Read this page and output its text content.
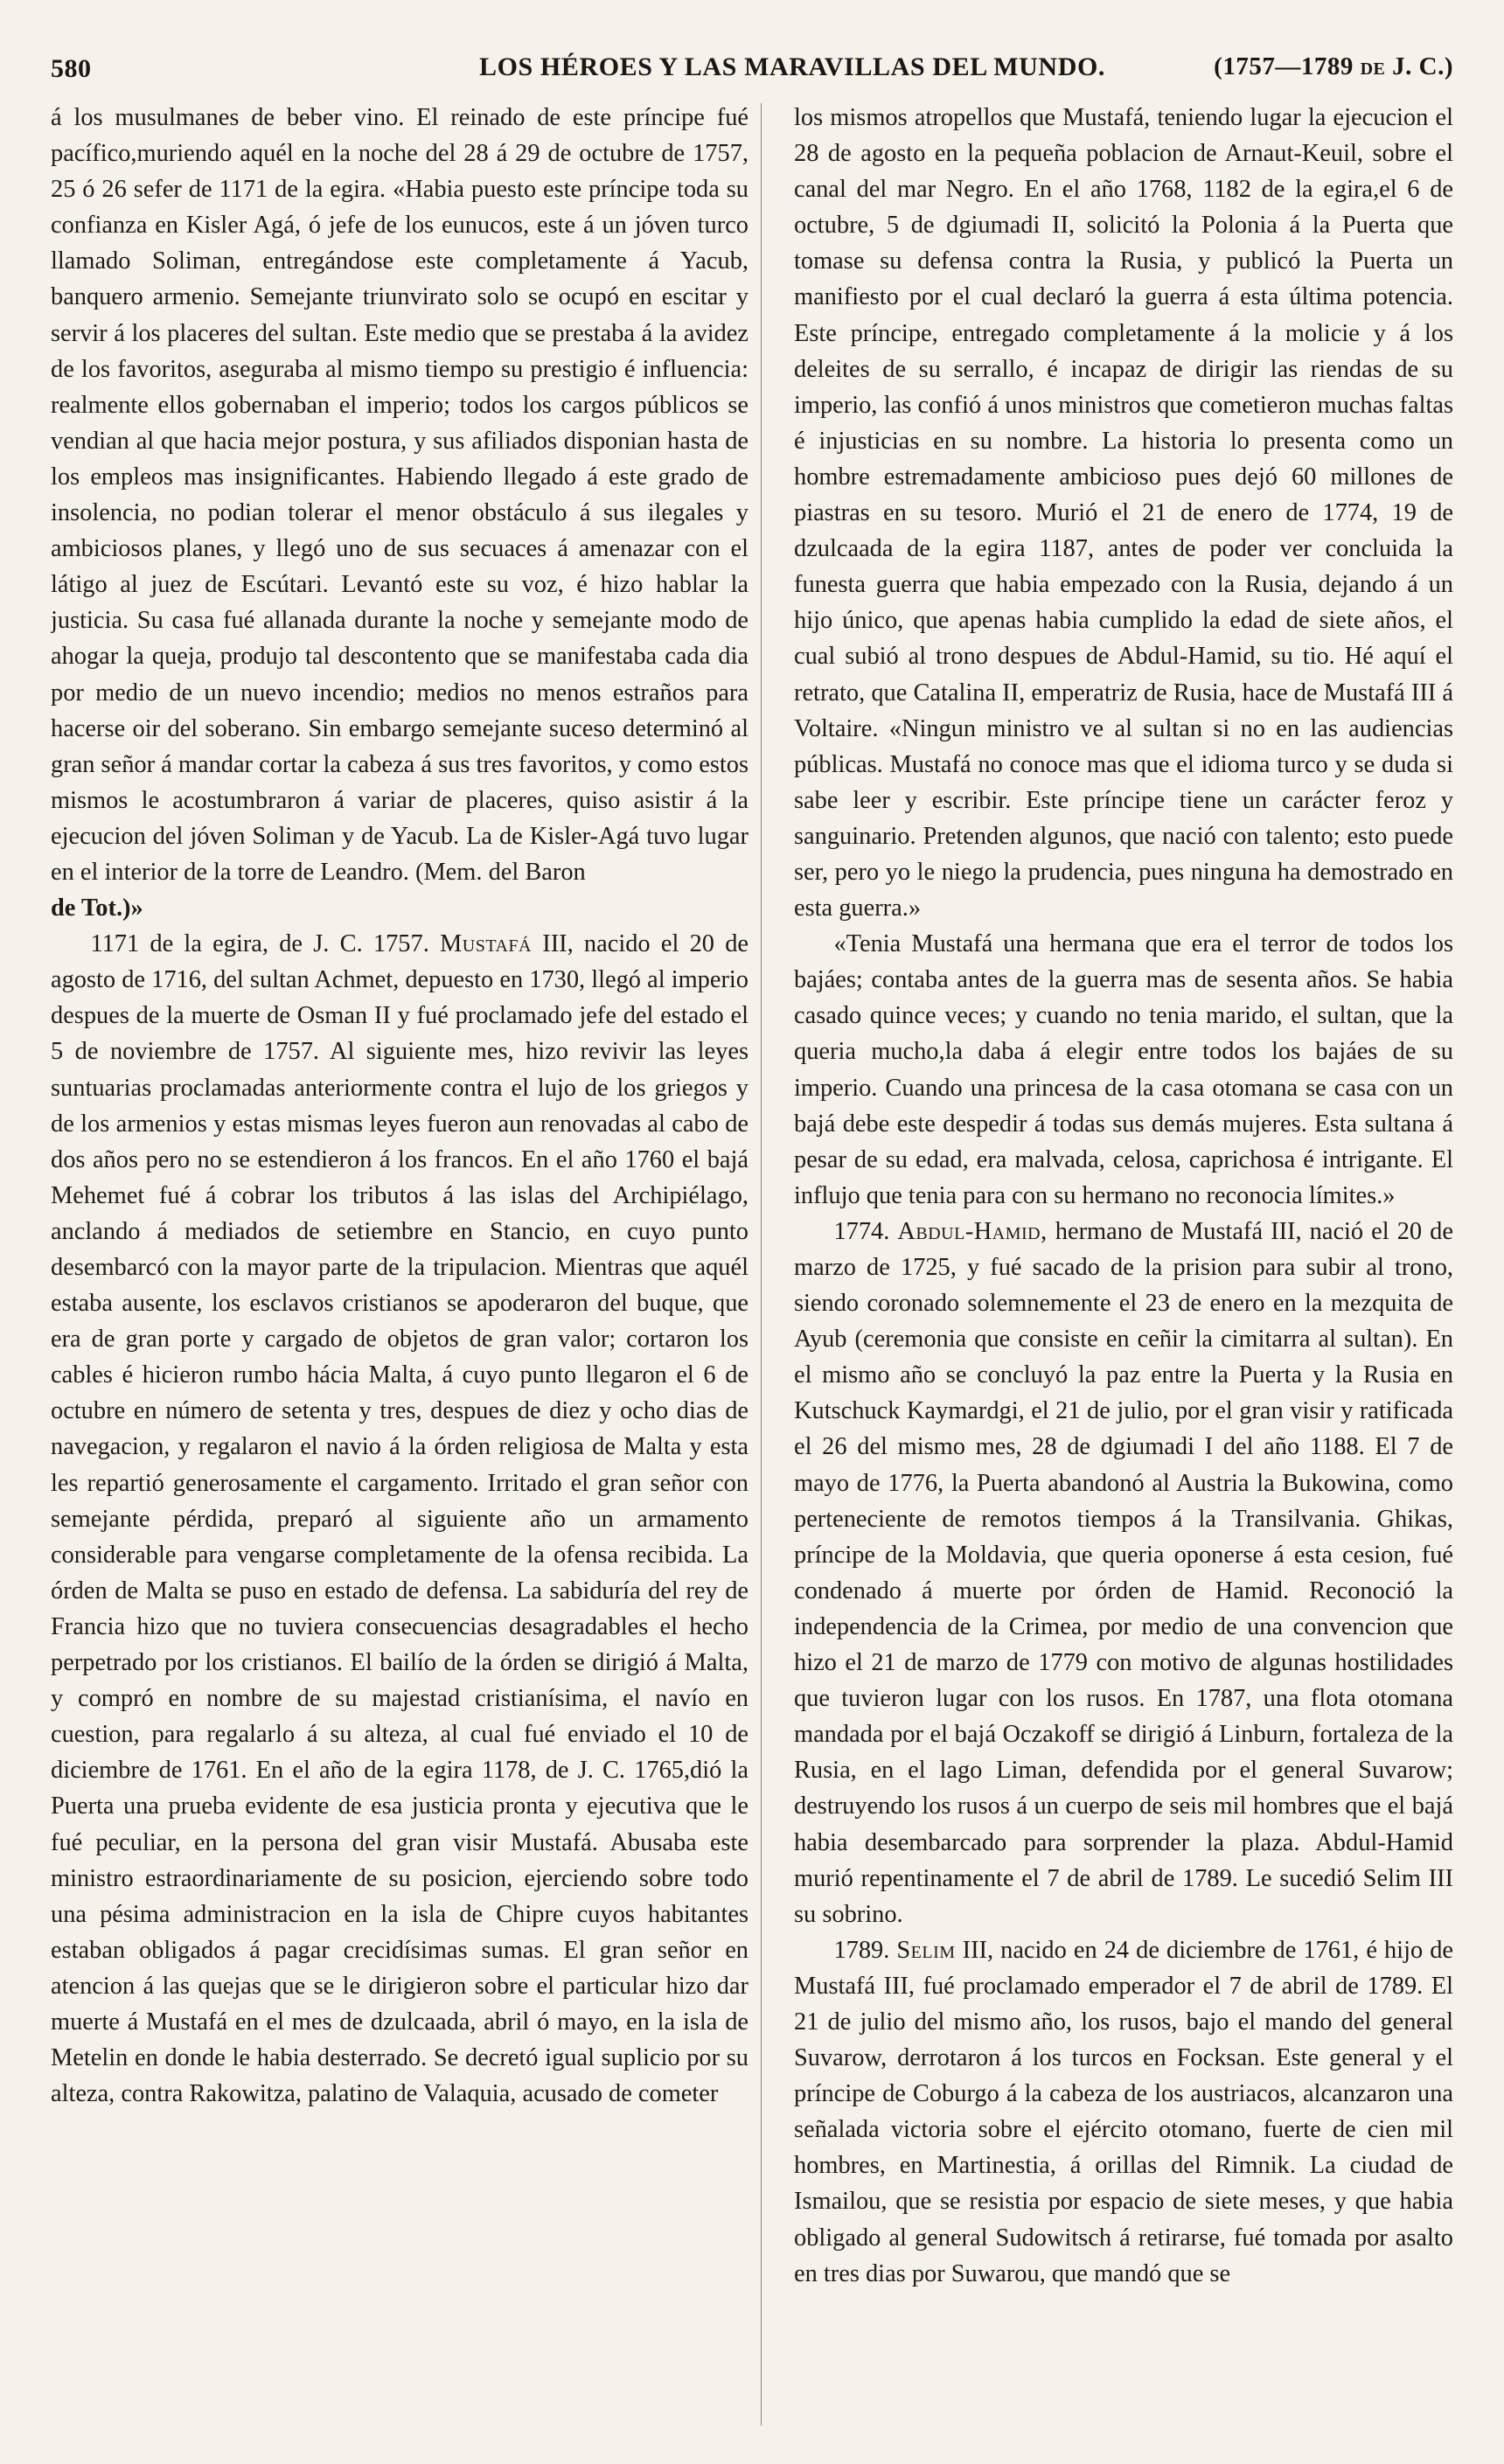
580	LOS HÉROES Y LAS MARAVILLAS DEL MUNDO.	(1757—1789 DE J. C.)

á los musulmanes de beber vino. El reinado de este príncipe fué pacífico,muriendo aquél en la noche del 28 á 29 de octubre de 1757, 25 ó 26 sefer de 1171 de la egira. «Habia puesto este príncipe toda su confianza en Kisler Agá, ó jefe de los eunucos, este á un jóven turco llamado Soliman, entregándose este completamente á Yacub, banquero armenio. Semejante triunvirato solo se ocupó en escitar y servir á los placeres del sultan. Este medio que se prestaba á la avidez de los favoritos, aseguraba al mismo tiempo su prestigio é influencia: realmente ellos gobernaban el imperio; todos los cargos públicos se vendian al que hacia mejor postura, y sus afiliados disponian hasta de los empleos mas insignificantes. Habiendo llegado á este grado de insolencia, no podian tolerar el menor obstáculo á sus ilegales y ambiciosos planes, y llegó uno de sus secuaces á amenazar con el látigo al juez de Escútari. Levantó este su voz, é hizo hablar la justicia. Su casa fué allanada durante la noche y semejante modo de ahogar la queja, produjo tal descontento que se manifestaba cada dia por medio de un nuevo incendio; medios no menos estraños para hacerse oir del soberano. Sin embargo semejante suceso determinó al gran señor á mandar cortar la cabeza á sus tres favoritos, y como estos mismos le acostumbraron á variar de placeres, quiso asistir á la ejecucion del jóven Soliman y de Yacub. La de Kisler-Agá tuvo lugar en el interior de la torre de Leandro. (Mem. del Baron

de Tot.)»

1171 de la egira, de J. C. 1757. Mustafá III, nacido el 20 de agosto de 1716, del sultan Achmet, depuesto en 1730, llegó al imperio despues de la muerte de Osman II y fué proclamado jefe del estado el 5 de noviembre de 1757. Al siguiente mes, hizo revivir las leyes suntuarias proclamadas anteriormente contra el lujo de los griegos y de los armenios y estas mismas leyes fueron aun renovadas al cabo de dos años pero no se estendieron á los francos. En el año 1760 el bajá Mehemet fué á cobrar los tributos á las islas del Archipiélago, anclando á mediados de setiembre en Stancio, en cuyo punto desembarcó con la mayor parte de la tripulacion. Mientras que aquél estaba ausente, los esclavos cristianos se apoderaron del buque, que era de gran porte y cargado de objetos de gran valor; cortaron los cables é hicieron rumbo hácia Malta, á cuyo punto llegaron el 6 de octubre en número de setenta y tres, despues de diez y ocho dias de navegacion, y regalaron el navio á la órden religiosa de Malta y esta les repartió generosamente el cargamento. Irritado el gran señor con semejante pérdida, preparó al siguiente año un armamento considerable para vengarse completamente de la ofensa recibida. La órden de Malta se puso en estado de defensa. La sabiduría del rey de Francia hizo que no tuviera consecuencias desagradables el hecho perpetrado por los cristianos. El bailío de la órden se dirigió á Malta, y compró en nombre de su majestad cristianísima, el navío en cuestion, para regalarlo á su alteza, al cual fué enviado el 10 de diciembre de 1761. En el año de la egira 1178, de J. C. 1765,dió la Puerta una prueba evidente de esa justicia pronta y ejecutiva que le fué peculiar, en la persona del gran visir Mustafá. Abusaba este ministro estraordinariamente de su posicion, ejerciendo sobre todo una pésima administracion en la isla de Chipre cuyos habitantes estaban obligados á pagar crecidísimas sumas. El gran señor en atencion á las quejas que se le dirigieron sobre el particular hizo dar muerte á Mustafá en el mes de dzulcaada, abril ó mayo, en la isla de Metelin en donde le habia desterrado. Se decretó igual suplicio por su alteza, contra Rakowitza, palatino de Valaquia, acusado de cometer

los mismos atropellos que Mustafá, teniendo lugar la ejecucion el 28 de agosto en la pequeña poblacion de Arnaut-Keuil, sobre el canal del mar Negro. En el año 1768, 1182 de la egira,el 6 de octubre, 5 de dgiumadi II, solicitó la Polonia á la Puerta que tomase su defensa contra la Rusia, y publicó la Puerta un manifiesto por el cual declaró la guerra á esta última potencia. Este príncipe, entregado completamente á la molicie y á los deleites de su serrallo, é incapaz de dirigir las riendas de su imperio, las confió á unos ministros que cometieron muchas faltas é injusticias en su nombre. La historia lo presenta como un hombre estremadamente ambicioso pues dejó 60 millones de piastras en su tesoro. Murió el 21 de enero de 1774, 19 de dzulcaada de la egira 1187, antes de poder ver concluida la funesta guerra que habia empezado con la Rusia, dejando á un hijo único, que apenas habia cumplido la edad de siete años, el cual subió al trono despues de Abdul-Hamid, su tio. Hé aquí el retrato, que Catalina II, emperatriz de Rusia, hace de Mustafá III á Voltaire. «Ningun ministro ve al sultan si no en las audiencias públicas. Mustafá no conoce mas que el idioma turco y se duda si sabe leer y escribir. Este príncipe tiene un carácter feroz y sanguinario. Pretenden algunos, que nació con talento; esto puede ser, pero yo le niego la prudencia, pues ninguna ha demostrado en esta guerra.»

«Tenia Mustafá una hermana que era el terror de todos los bajáes; contaba antes de la guerra mas de sesenta años. Se habia casado quince veces; y cuando no tenia marido, el sultan, que la queria mucho,la daba á elegir entre todos los bajáes de su imperio. Cuando una princesa de la casa otomana se casa con un bajá debe este despedir á todas sus demás mujeres. Esta sultana á pesar de su edad, era malvada, celosa, caprichosa é intrigante. El influjo que tenia para con su hermano no reconocia límites.»

1774. Abdul-Hamid, hermano de Mustafá III, nació el 20 de marzo de 1725, y fué sacado de la prision para subir al trono, siendo coronado solemnemente el 23 de enero en la mezquita de Ayub (ceremonia que consiste en ceñir la cimitarra al sultan). En el mismo año se concluyó la paz entre la Puerta y la Rusia en Kutschuck Kaymardgi, el 21 de julio, por el gran visir y ratificada el 26 del mismo mes, 28 de dgiumadi I del año 1188. El 7 de mayo de 1776, la Puerta abandonó al Austria la Bukowina, como perteneciente de remotos tiempos á la Transilvania. Ghikas, príncipe de la Moldavia, que queria oponerse á esta cesion, fué condenado á muerte por órden de Hamid. Reconoció la independencia de la Crimea, por medio de una convencion que hizo el 21 de marzo de 1779 con motivo de algunas hostilidades que tuvieron lugar con los rusos. En 1787, una flota otomana mandada por el bajá Oczakoff se dirigió á Linburn, fortaleza de la Rusia, en el lago Liman, defendida por el general Suvarow; destruyendo los rusos á un cuerpo de seis mil hombres que el bajá habia desembarcado para sorprender la plaza. Abdul-Hamid murió repentinamente el 7 de abril de 1789. Le sucedió Selim III su sobrino.

1789. Selim III, nacido en 24 de diciembre de 1761, é hijo de Mustafá III, fué proclamado emperador el 7 de abril de 1789. El 21 de julio del mismo año, los rusos, bajo el mando del general Suvarow, derrotaron á los turcos en Focksan. Este general y el príncipe de Coburgo á la cabeza de los austriacos, alcanzaron una señalada victoria sobre el ejército otomano, fuerte de cien mil hombres, en Martinestia, á orillas del Rimnik. La ciudad de Ismailou, que se resistia por espacio de siete meses, y que habia obligado al general Sudowitsch á retirarse, fué tomada por asalto en tres dias por Suwarou, que mandó que se
